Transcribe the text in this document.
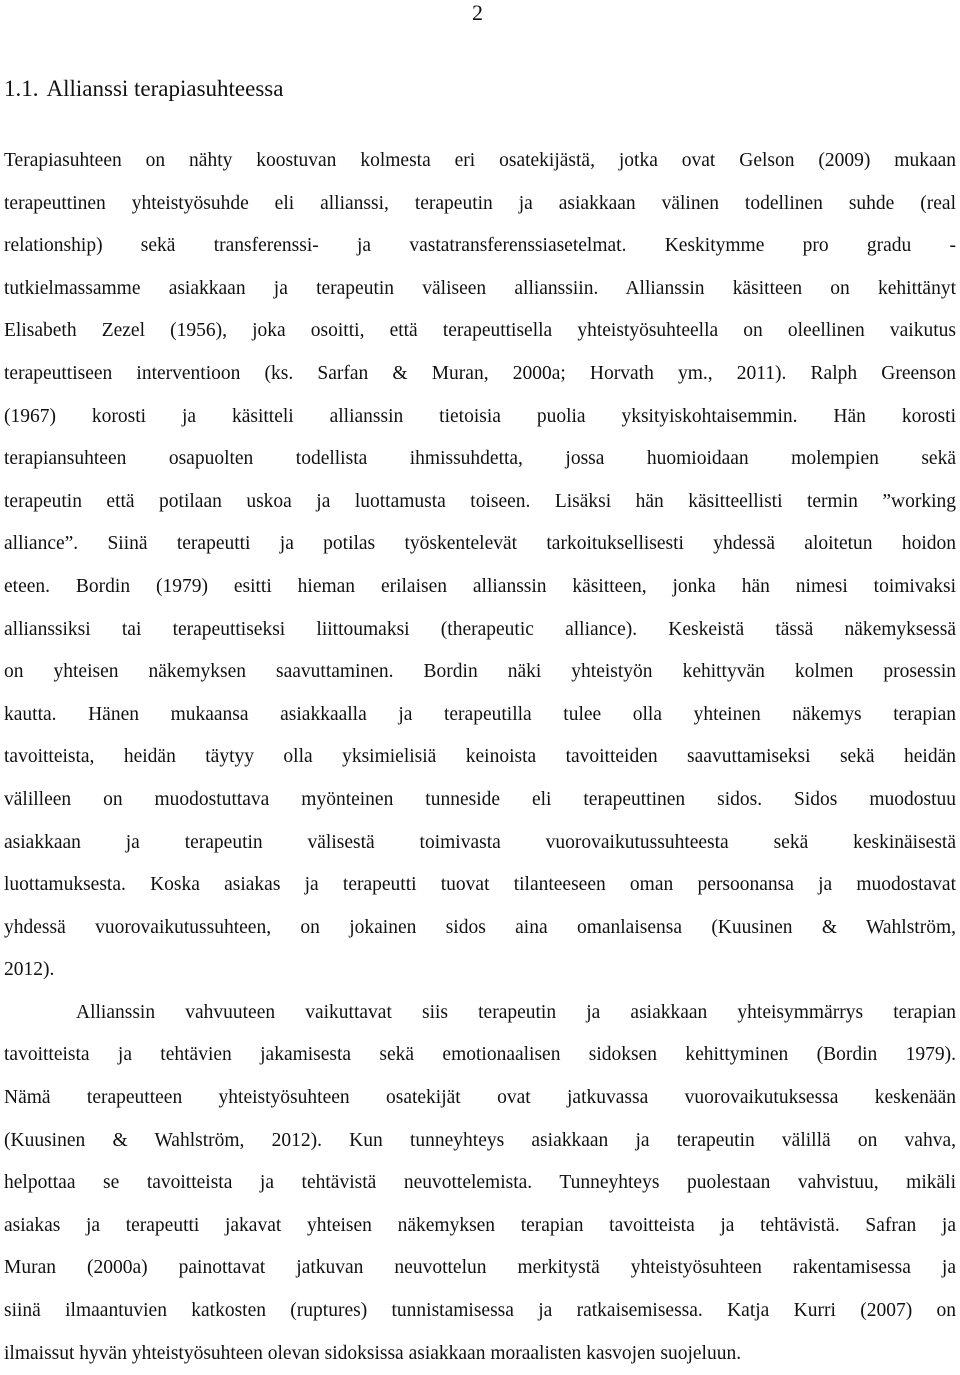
2
1.1. Allianssi terapiasuhteessa
Terapiasuhteen on nähty koostuvan kolmesta eri osatekijästä, jotka ovat Gelson (2009) mukaan
terapeuttinen yhteistyösuhde eli allianssi, terapeutin ja asiakkaan välinen todellinen suhde (real
relationship) sekä transferenssi- ja vastatransferenssiasetelmat. Keskitymme pro gradu -
tutkielmassamme asiakkaan ja terapeutin väliseen allianssiin. Allianssin käsitteen on kehittänyt
Elisabeth Zezel (1956), joka osoitti, että terapeuttisella yhteistyösuhteella on oleellinen vaikutus
terapeuttiseen interventioon (ks. Sarfan & Muran, 2000a; Horvath ym., 2011). Ralph Greenson
(1967) korosti ja käsitteli allianssin tietoisia puolia yksityiskohtaisemmin. Hän korosti
terapiansuhteen osapuolten todellista ihmissuhdetta, jossa huomioidaan molempien sekä
terapeutin että potilaan uskoa ja luottamusta toiseen. Lisäksi hän käsitteellisti termin ”working
alliance”. Siinä terapeutti ja potilas työskentelevät tarkoituksellisesti yhdessä aloitetun hoidon
eteen. Bordin (1979) esitti hieman erilaisen allianssin käsitteen, jonka hän nimesi toimivaksi
allianssiksi tai terapeuttiseksi liittoumaksi (therapeutic alliance). Keskeistä tässä näkemyksessä
on yhteisen näkemyksen saavuttaminen. Bordin näki yhteistyön kehittyvän kolmen prosessin
kautta. Hänen mukaansa asiakkaalla ja terapeutilla tulee olla yhteinen näkemys terapian
tavoitteista, heidän täytyy olla yksimielisiä keinoista tavoitteiden saavuttamiseksi sekä heidän
välilleen on muodostuttava myönteinen tunneside eli terapeuttinen sidos. Sidos muodostuu
asiakkaan ja terapeutin välisestä toimivasta vuorovaikutussuhteesta sekä keskinäisestä
luottamuksesta. Koska asiakas ja terapeutti tuovat tilanteeseen oman persoonansa ja muodostavat
yhdessä vuorovaikutussuhteen, on jokainen sidos aina omanlaisensa (Kuusinen & Wahlström,
2012).
Allianssin vahvuuteen vaikuttavat siis terapeutin ja asiakkaan yhteisymmärrys terapian
tavoitteista ja tehtävien jakamisesta sekä emotionaalisen sidoksen kehittyminen (Bordin 1979).
Nämä terapeutteen yhteistyösuhteen osatekijät ovat jatkuvassa vuorovaikutuksessa keskenään
(Kuusinen & Wahlström, 2012). Kun tunneyhteys asiakkaan ja terapeutin välillä on vahva,
helpottaa se tavoitteista ja tehtävistä neuvottelemista. Tunneyhteys puolestaan vahvistuu, mikäli
asiakas ja terapeutti jakavat yhteisen näkemyksen terapian tavoitteista ja tehtävistä. Safran ja
Muran (2000a) painottavat jatkuvan neuvottelun merkitystä yhteistyösuhteen rakentamisessa ja
siinä ilmaantuvien katkosten (ruptures) tunnistamisessa ja ratkaisemisessa. Katja Kurri (2007) on
ilmaissut hyvän yhteistyösuhteen olevan sidoksissa asiakkaan moraalisten kasvojen suojeluun.
